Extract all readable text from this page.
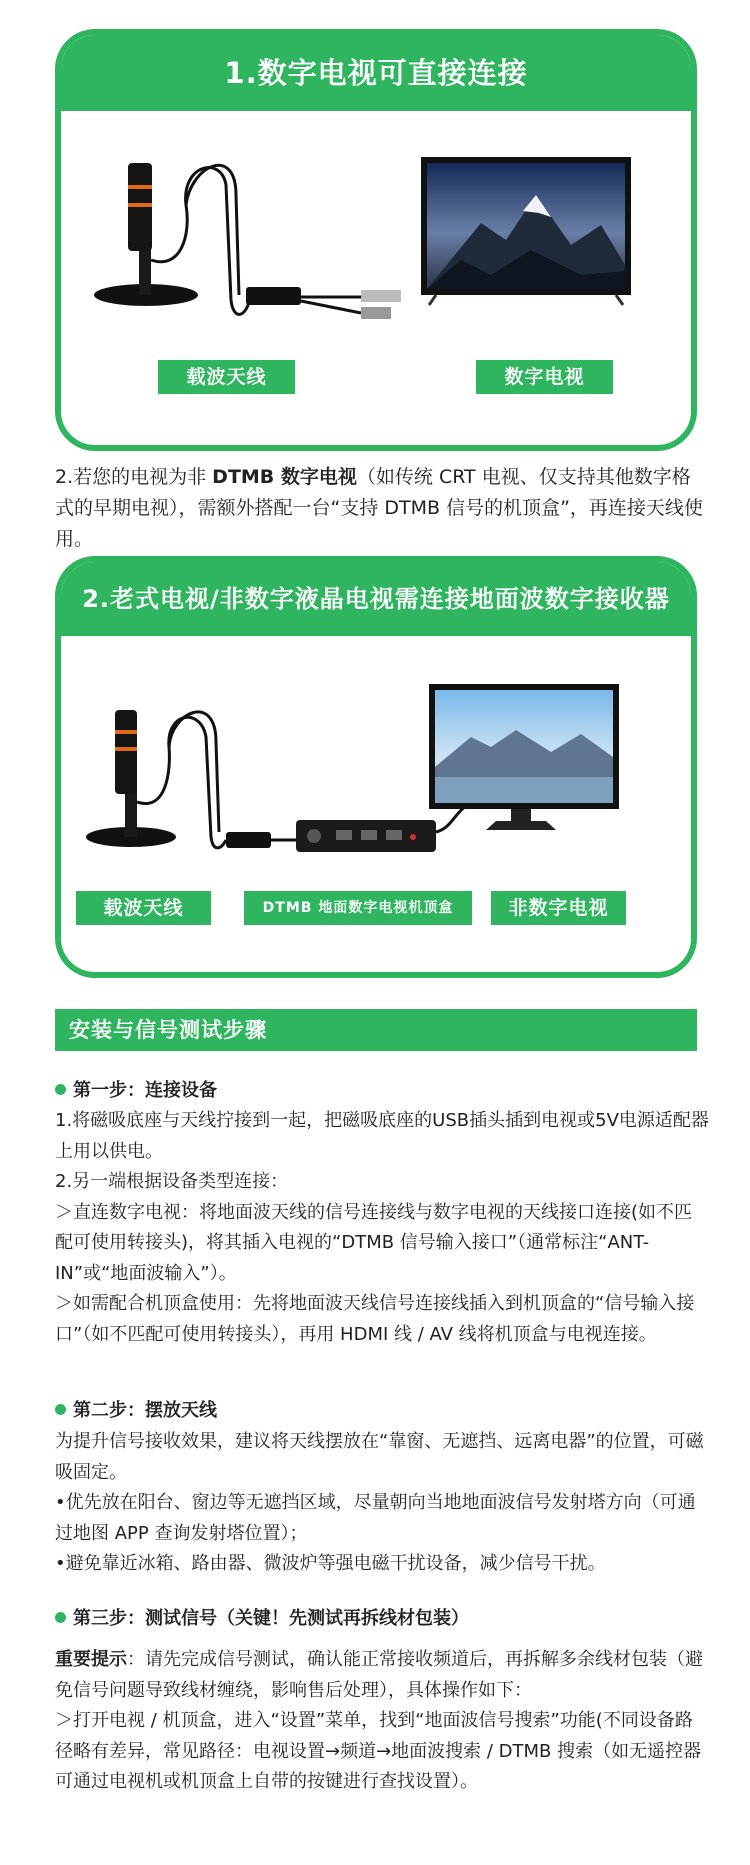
1.数字电视可直接连接
载波天线	数字电视

2.若您的电视为非 DTMB 数字电视（如传统 CRT 电视、仅支持其他数字格式的早期电视），需额外搭配一台“支持 DTMB 信号的机顶盒”，再连接天线使用。

2.老式电视/非数字液晶电视需连接地面波数字接收器
载波天线	DTMB 地面数字电视机顶盒	非数字电视
安装与信号测试步骤
第一步：连接设备

1.将磁吸底座与天线拧接到一起，把磁吸底座的USB插头插到电视或5V电源适配器上用以供电。

2.另一端根据设备类型连接：

＞直连数字电视：将地面波天线的信号连接线与数字电视的天线接口连接(如不匹配可使用转接头)，将其插入电视的“DTMB 信号输入接口”（通常标注“ANT-IN”或“地面波输入”）。

＞如需配合机顶盒使用：先将地面波天线信号连接线插入到机顶盒的“信号输入接口”（如不匹配可使用转接头），再用 HDMI 线 / AV 线将机顶盒与电视连接。

第二步：摆放天线

为提升信号接收效果，建议将天线摆放在“靠窗、无遮挡、远离电器”的位置，可磁吸固定。

•优先放在阳台、窗边等无遮挡区域，尽量朝向当地地面波信号发射塔方向（可通过地图 APP 查询发射塔位置）；

•避免靠近冰箱、路由器、微波炉等强电磁干扰设备，减少信号干扰。

第三步：测试信号（关键！先测试再拆线材包装）

重要提示：请先完成信号测试，确认能正常接收频道后，再拆解多余线材包装（避免信号问题导致线材缠绕，影响售后处理），具体操作如下：

＞打开电视 / 机顶盒，进入“设置”菜单，找到“地面波信号搜索”功能(不同设备路径略有差异，常见路径：电视设置→频道→地面波搜索 / DTMB 搜索（如无遥控器可通过电视机或机顶盒上自带的按键进行查找设置）。
